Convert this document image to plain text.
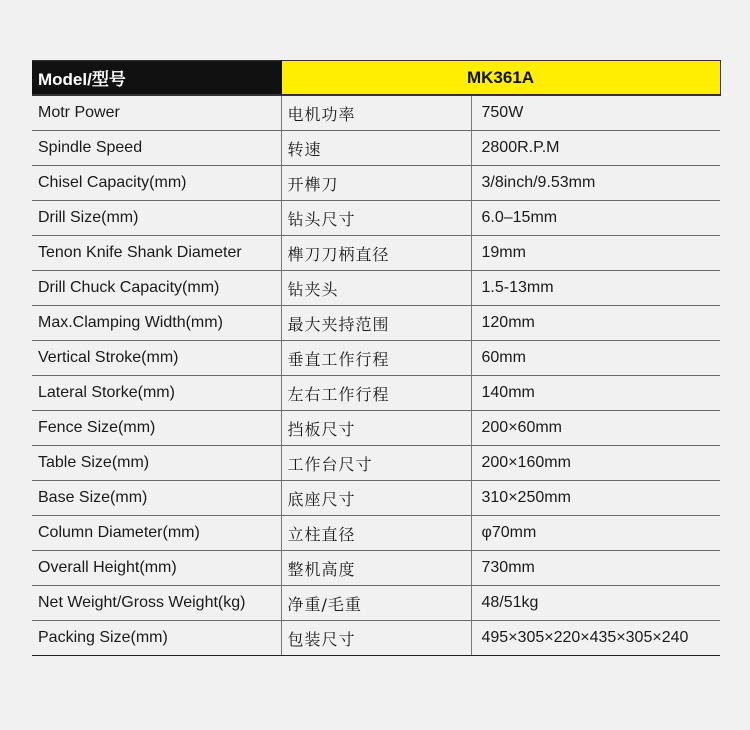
Model/型号	MK361A	
Motr Power	电机功率	750W
Spindle Speed	转速	2800R.P.M
Chisel Capacity(mm)	开榫刀	3/8inch/9.53mm
Drill Size(mm)	钻头尺寸	6.0–15mm
Tenon Knife Shank Diameter	榫刀刀柄直径	19mm
Drill Chuck Capacity(mm)	钻夹头	1.5-13mm
Max.Clamping Width(mm)	最大夹持范围	120mm
Vertical Stroke(mm)	垂直工作行程	60mm
Lateral Storke(mm)	左右工作行程	140mm
Fence Size(mm)	挡板尺寸	200×60mm
Table Size(mm)	工作台尺寸	200×160mm
Base Size(mm)	底座尺寸	310×250mm
Column Diameter(mm)	立柱直径	φ70mm
Overall Height(mm)	整机高度	730mm
Net Weight/Gross Weight(kg)	净重/毛重	48/51kg
Packing Size(mm)	包装尺寸	495×305×220×435×305×240
